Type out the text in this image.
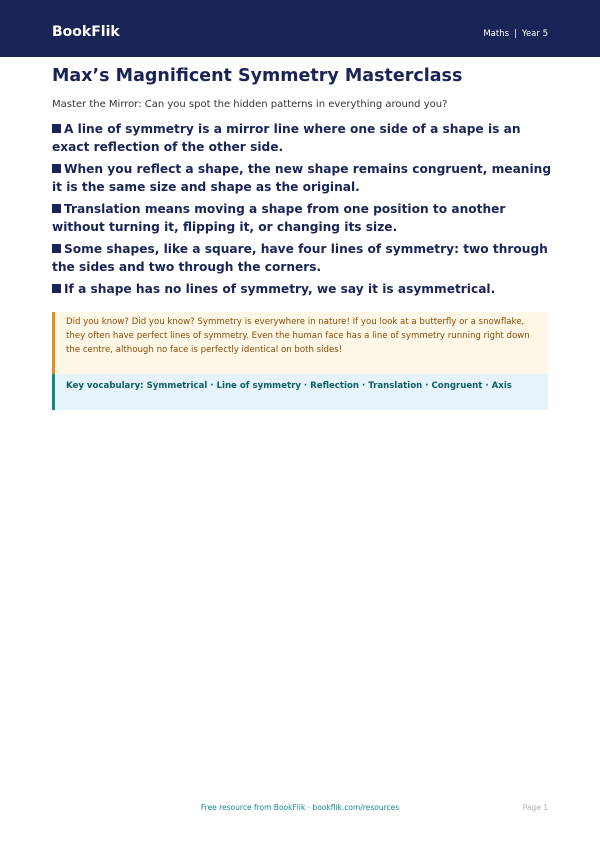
BookFlik	Maths | Year 5
Max’s Magnificent Symmetry Masterclass

Master the Mirror: Can you spot the hidden patterns in everything around you?

A line of symmetry is a mirror line where one side of a shape is an exact reflection of the other side.
When you reflect a shape, the new shape remains congruent, meaning it is the same size and shape as the original.
Translation means moving a shape from one position to another without turning it, flipping it, or changing its size.
Some shapes, like a square, have four lines of symmetry: two through the sides and two through the corners.
If a shape has no lines of symmetry, we say it is asymmetrical.
Did you know? Did you know? Symmetry is everywhere in nature! If you look at a butterfly or a snowflake, they often have perfect lines of symmetry. Even the human face has a line of symmetry running right down the centre, although no face is perfectly identical on both sides!
Key vocabulary: Symmetrical · Line of symmetry · Reflection · Translation · Congruent · Axis
Free resource from BookFlik · bookflik.com/resources	Page 1
